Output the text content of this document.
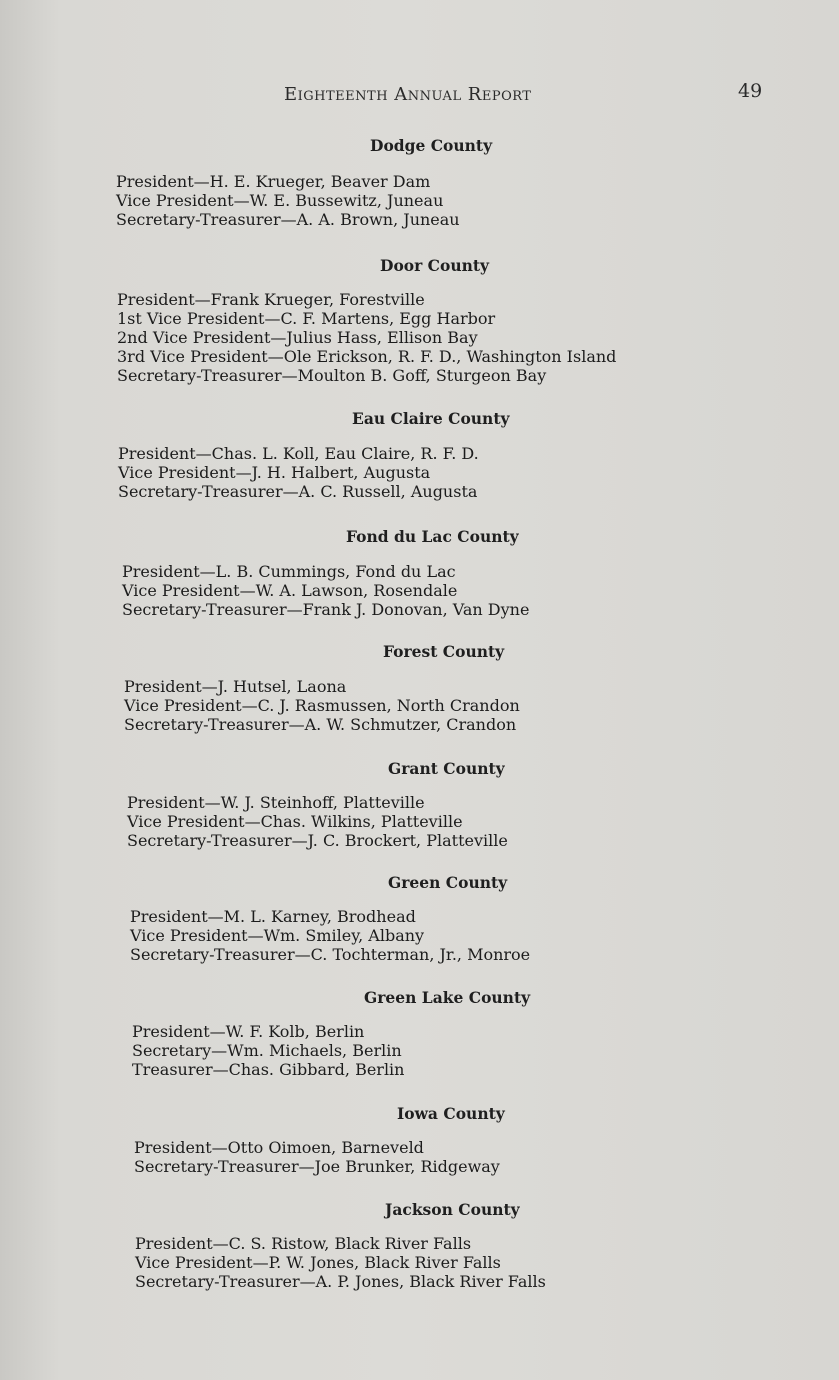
Eighteenth Annual Report	49
Dodge County
President—H. E. Krueger, Beaver Dam
Vice President—W. E. Bussewitz, Juneau
Secretary-Treasurer—A. A. Brown, Juneau
Door County
President—Frank Krueger, Forestville
1st Vice President—C. F. Martens, Egg Harbor
2nd Vice President—Julius Hass, Ellison Bay
3rd Vice President—Ole Erickson, R. F. D., Washington Island
Secretary-Treasurer—Moulton B. Goff, Sturgeon Bay
Eau Claire County
President—Chas. L. Koll, Eau Claire, R. F. D.
Vice President—J. H. Halbert, Augusta
Secretary-Treasurer—A. C. Russell, Augusta
Fond du Lac County
President—L. B. Cummings, Fond du Lac
Vice President—W. A. Lawson, Rosendale
Secretary-Treasurer—Frank J. Donovan, Van Dyne
Forest County
President—J. Hutsel, Laona
Vice President—C. J. Rasmussen, North Crandon
Secretary-Treasurer—A. W. Schmutzer, Crandon
Grant County
President—W. J. Steinhoff, Platteville
Vice President—Chas. Wilkins, Platteville
Secretary-Treasurer—J. C. Brockert, Platteville
Green County
President—M. L. Karney, Brodhead
Vice President—Wm. Smiley, Albany
Secretary-Treasurer—C. Tochterman, Jr., Monroe
Green Lake County
President—W. F. Kolb, Berlin
Secretary—Wm. Michaels, Berlin
Treasurer—Chas. Gibbard, Berlin
Iowa County
President—Otto Oimoen, Barneveld
Secretary-Treasurer—Joe Brunker, Ridgeway
Jackson County
President—C. S. Ristow, Black River Falls
Vice President—P. W. Jones, Black River Falls
Secretary-Treasurer—A. P. Jones, Black River Falls
